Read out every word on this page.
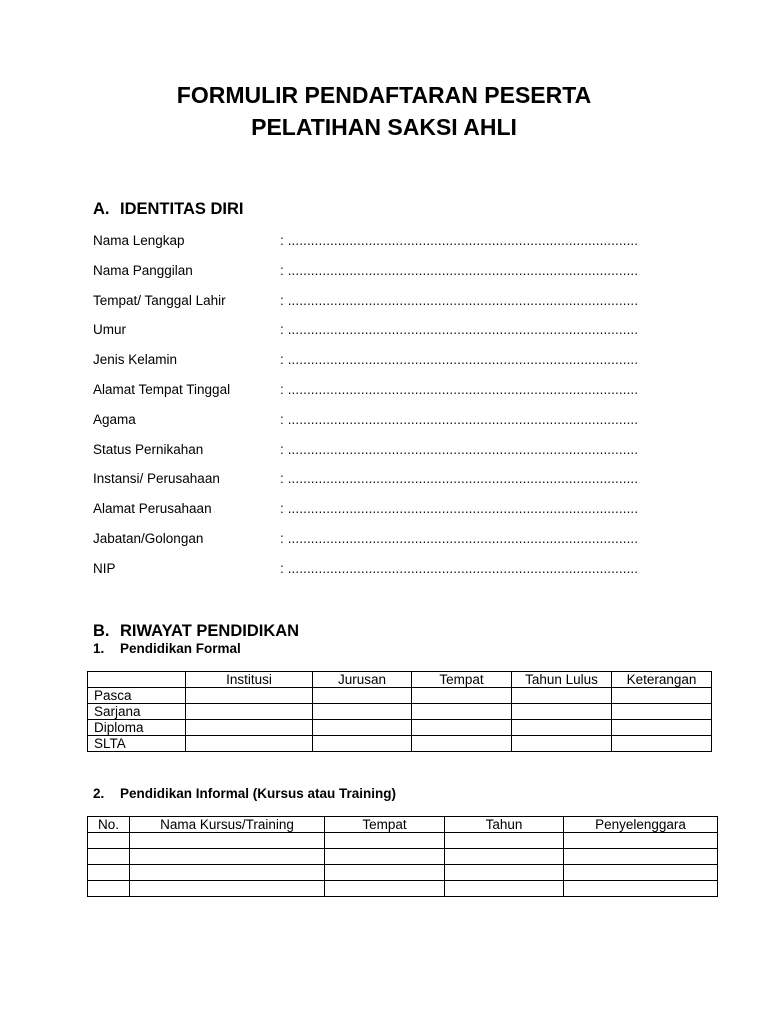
FORMULIR PENDAFTARAN PESERTA
PELATIHAN SAKSI AHLI
A. IDENTITAS DIRI
Nama Lengkap	: ...........................................................................................
Nama Panggilan	: ...........................................................................................
Tempat/ Tanggal Lahir	: ...........................................................................................
Umur	: ...........................................................................................
Jenis Kelamin	: ...........................................................................................
Alamat Tempat Tinggal	: ...........................................................................................
Agama	: ...........................................................................................
Status Pernikahan	: ...........................................................................................
Instansi/ Perusahaan	: ...........................................................................................
Alamat Perusahaan	: ...........................................................................................
Jabatan/Golongan	: ...........................................................................................
NIP	: ...........................................................................................
B. RIWAYAT PENDIDIKAN
1. Pendidikan Formal
	Institusi	Jurusan	Tempat	Tahun Lulus	Keterangan
Pasca					
Sarjana					
Diploma					
SLTA					
2. Pendidikan Informal (Kursus atau Training)
No.	Nama Kursus/Training	Tempat	Tahun	Penyelenggara
